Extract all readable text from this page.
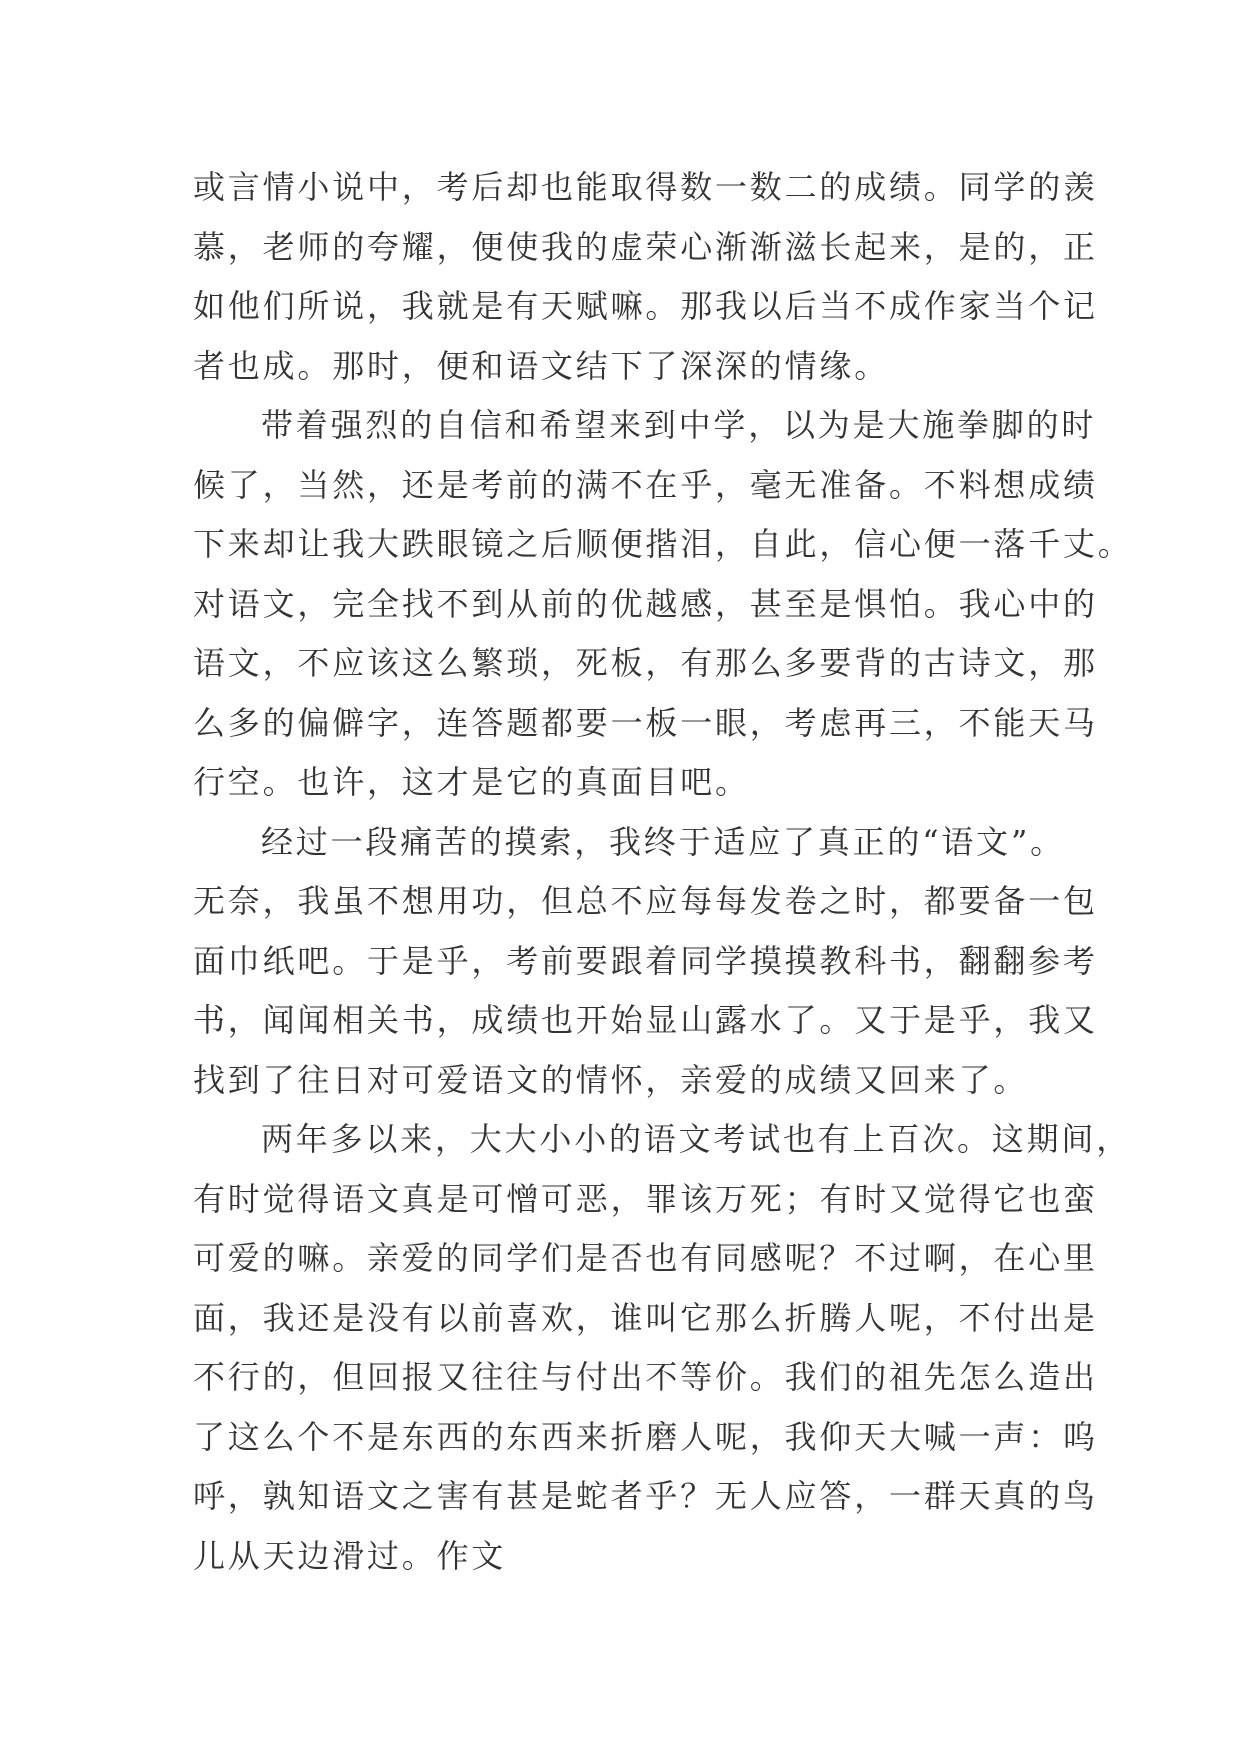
或言情小说中，考后却也能取得数一数二的成绩。同学的羡
慕，老师的夸耀，便使我的虚荣心渐渐滋长起来，是的，正
如他们所说，我就是有天赋嘛。那我以后当不成作家当个记
者也成。那时，便和语文结下了深深的情缘。
带着强烈的自信和希望来到中学，以为是大施拳脚的时
候了，当然，还是考前的满不在乎，毫无准备。不料想成绩
下来却让我大跌眼镜之后顺便揩泪，自此，信心便一落千丈。
对语文，完全找不到从前的优越感，甚至是惧怕。我心中的
语文，不应该这么繁琐，死板，有那么多要背的古诗文，那
么多的偏僻字，连答题都要一板一眼，考虑再三，不能天马
行空。也许，这才是它的真面目吧。
经过一段痛苦的摸索，我终于适应了真正的“语文”。
无奈，我虽不想用功，但总不应每每发卷之时，都要备一包
面巾纸吧。于是乎，考前要跟着同学摸摸教科书，翻翻参考
书，闻闻相关书，成绩也开始显山露水了。又于是乎，我又
找到了往日对可爱语文的情怀，亲爱的成绩又回来了。
两年多以来，大大小小的语文考试也有上百次。这期间，
有时觉得语文真是可憎可恶，罪该万死；有时又觉得它也蛮
可爱的嘛。亲爱的同学们是否也有同感呢？不过啊，在心里
面，我还是没有以前喜欢，谁叫它那么折腾人呢，不付出是
不行的，但回报又往往与付出不等价。我们的祖先怎么造出
了这么个不是东西的东西来折磨人呢，我仰天大喊一声：呜
呼，孰知语文之害有甚是蛇者乎？无人应答，一群天真的鸟
儿从天边滑过。作文
